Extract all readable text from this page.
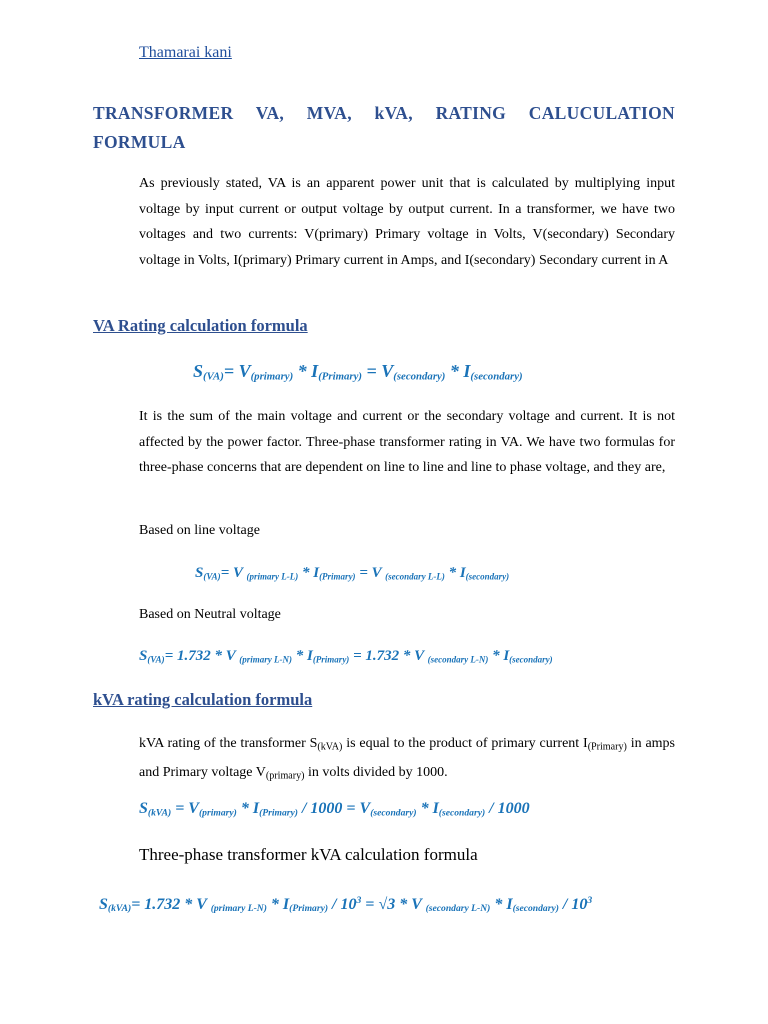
Thamarai kani
TRANSFORMER VA, MVA, kVA, RATING CALUCULATION FORMULA
As previously stated, VA is an apparent power unit that is calculated by multiplying input voltage by input current or output voltage by output current. In a transformer, we have two voltages and two currents: V(primary) Primary voltage in Volts, V(secondary) Secondary voltage in Volts, I(primary) Primary current in Amps, and I(secondary) Secondary current in A
VA Rating calculation formula
$S_{(VA)}= V_{(primary)} * I_{(Primary)} = V_{(secondary)} * I_{(secondary)}$
It is the sum of the main voltage and current or the secondary voltage and current. It is not affected by the power factor. Three-phase transformer rating in VA. We have two formulas for three-phase concerns that are dependent on line to line and line to phase voltage, and they are,
Based on line voltage
$S_{(VA)}= V$ $_{(primary L-L)} * I_{(Primary)} = V$ $_{(secondary L-L)} * I_{(secondary)}$
Based on Neutral voltage
$S_{(VA)}= 1.732 * V$ $_{(primary L-N)} * I_{(Primary)} = 1.732 * V$ $_{(secondary L-N)} * I_{(secondary)}$
kVA rating calculation formula
kVA rating of the transformer S(kVA) is equal to the product of primary current I(Primary) in amps and Primary voltage V(primary) in volts divided by 1000.
$S_{(kVA)} = V_{(primary)} * I_{(Primary)} / 1000 = V_{(secondary)} * I_{(secondary)} / 1000$
Three-phase transformer kVA calculation formula
$S_{(kVA)}= 1.732 * V$ $_{(primary L-N)} * I_{(Primary)} / 10^3 = √3 * V$ $_{(secondary L-N)} * I_{(secondary)} / 10^3$
